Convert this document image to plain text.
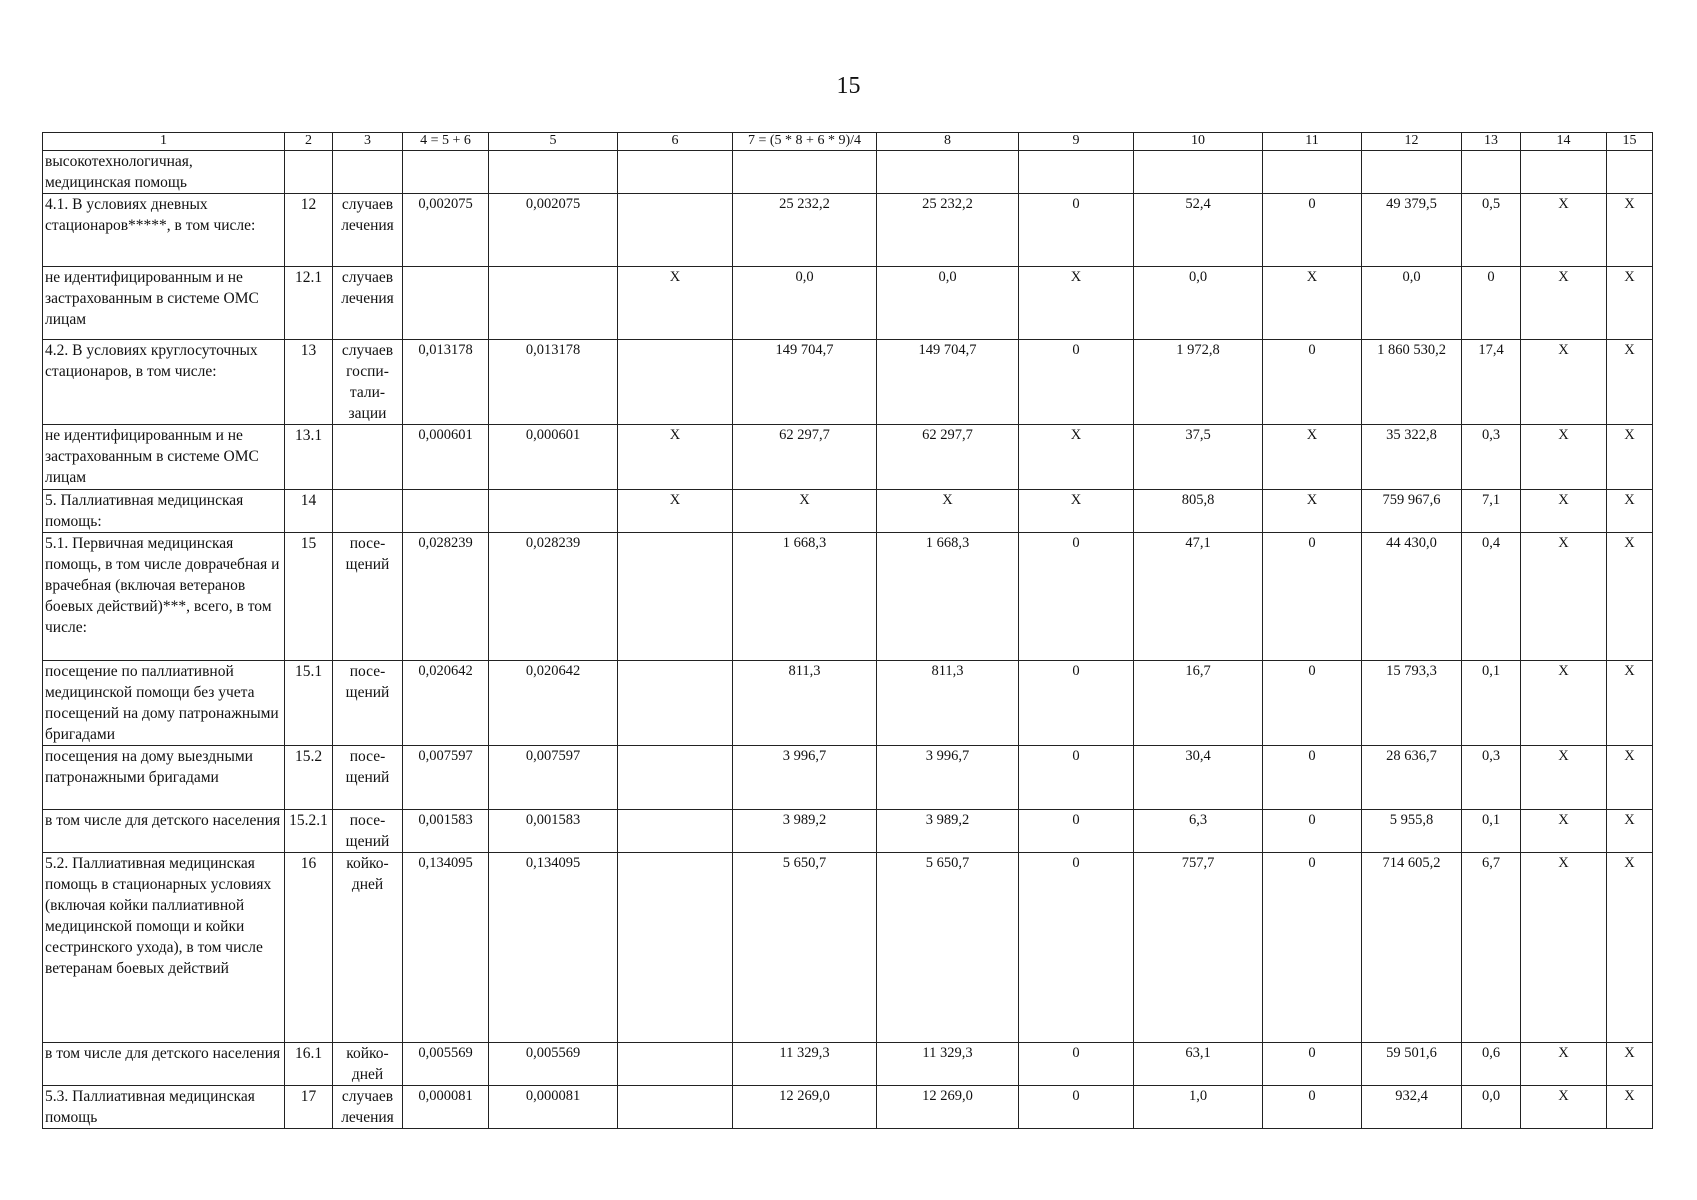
15
1	2	3	4 = 5 + 6	5	6	7 = (5 * 8 + 6 * 9)/4	8	9	10	11	12	13	14	15
высокотехнологичная, медицинская помощь														
4.1. В условиях дневных стационаров*****, в том числе:	12	случаев лечения	0,002075	0,002075		25 232,2	25 232,2	0	52,4	0	49 379,5	0,5	Х	Х
не идентифицированным и не застрахованным в системе ОМС лицам	12.1	случаев лечения			Х	0,0	0,0	Х	0,0	Х	0,0	0	Х	Х
4.2. В условиях круглосуточных стационаров, в том числе:	13	случаев госпи-тали-зации	0,013178	0,013178		149 704,7	149 704,7	0	1 972,8	0	1 860 530,2	17,4	Х	Х
не идентифицированным и не застрахованным в системе ОМС лицам	13.1		0,000601	0,000601	Х	62 297,7	62 297,7	Х	37,5	Х	35 322,8	0,3	Х	Х
5. Паллиативная медицинская помощь:	14				Х	Х	Х	Х	805,8	Х	759 967,6	7,1	Х	Х
5.1. Первичная медицинская помощь, в том числе доврачебная и врачебная (включая ветеранов боевых действий)***, всего, в том числе:	15	посе-щений	0,028239	0,028239		1 668,3	1 668,3	0	47,1	0	44 430,0	0,4	Х	Х
посещение по паллиативной медицинской помощи без учета посещений на дому патронажными бригадами	15.1	посе-щений	0,020642	0,020642		811,3	811,3	0	16,7	0	15 793,3	0,1	Х	Х
посещения на дому выездными патронажными бригадами	15.2	посе-щений	0,007597	0,007597		3 996,7	3 996,7	0	30,4	0	28 636,7	0,3	Х	Х
в том числе для детского населения	15.2.1	посе-щений	0,001583	0,001583		3 989,2	3 989,2	0	6,3	0	5 955,8	0,1	Х	Х
5.2. Паллиативная медицинская помощь в стационарных условиях (включая койки паллиативной медицинской помощи и койки сестринского ухода), в том числе ветеранам боевых действий	16	койко-дней	0,134095	0,134095		5 650,7	5 650,7	0	757,7	0	714 605,2	6,7	Х	Х
в том числе для детского населения	16.1	койко-дней	0,005569	0,005569		11 329,3	11 329,3	0	63,1	0	59 501,6	0,6	Х	Х
5.3. Паллиативная медицинская помощь	17	случаев лечения	0,000081	0,000081		12 269,0	12 269,0	0	1,0	0	932,4	0,0	Х	Х
